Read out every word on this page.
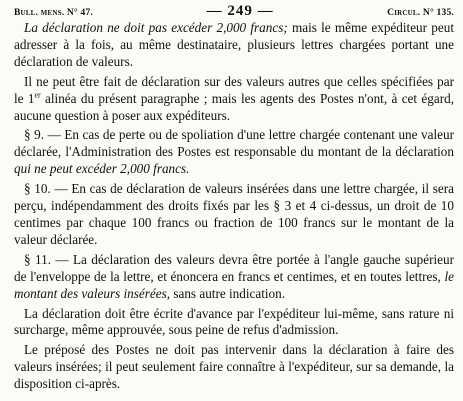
Bull. mens. N° 47.	— 249 —	Circul. N° 135.

La déclaration ne doit pas excéder 2,000 francs; mais le même expéditeur peut adresser à la fois, au même destinataire, plusieurs lettres chargées portant une déclaration de valeurs.

Il ne peut être fait de déclaration sur des valeurs autres que celles spécifiées par le 1er alinéa du présent paragraphe ; mais les agents des Postes n'ont, à cet égard, aucune question à poser aux expéditeurs.

§ 9. — En cas de perte ou de spoliation d'une lettre chargée contenant une valeur déclarée, l'Administration des Postes est responsable du montant de la déclaration qui ne peut excéder 2,000 francs.

§ 10. — En cas de déclaration de valeurs insérées dans une lettre chargée, il sera perçu, indépendamment des droits fixés par les § 3 et 4 ci-dessus, un droit de 10 centimes par chaque 100 francs ou fraction de 100 francs sur le montant de la valeur déclarée.

§ 11. — La déclaration des valeurs devra être portée à l'angle gauche supérieur de l'enveloppe de la lettre, et énoncera en francs et centimes, et en toutes lettres, le montant des valeurs insérées, sans autre indication.

La déclaration doit être écrite d'avance par l'expéditeur lui-même, sans rature ni surcharge, même approuvée, sous peine de refus d'admission.

Le préposé des Postes ne doit pas intervenir dans la déclaration à faire des valeurs insérées; il peut seulement faire connaître à l'expéditeur, sur sa demande, la disposition ci-après.
